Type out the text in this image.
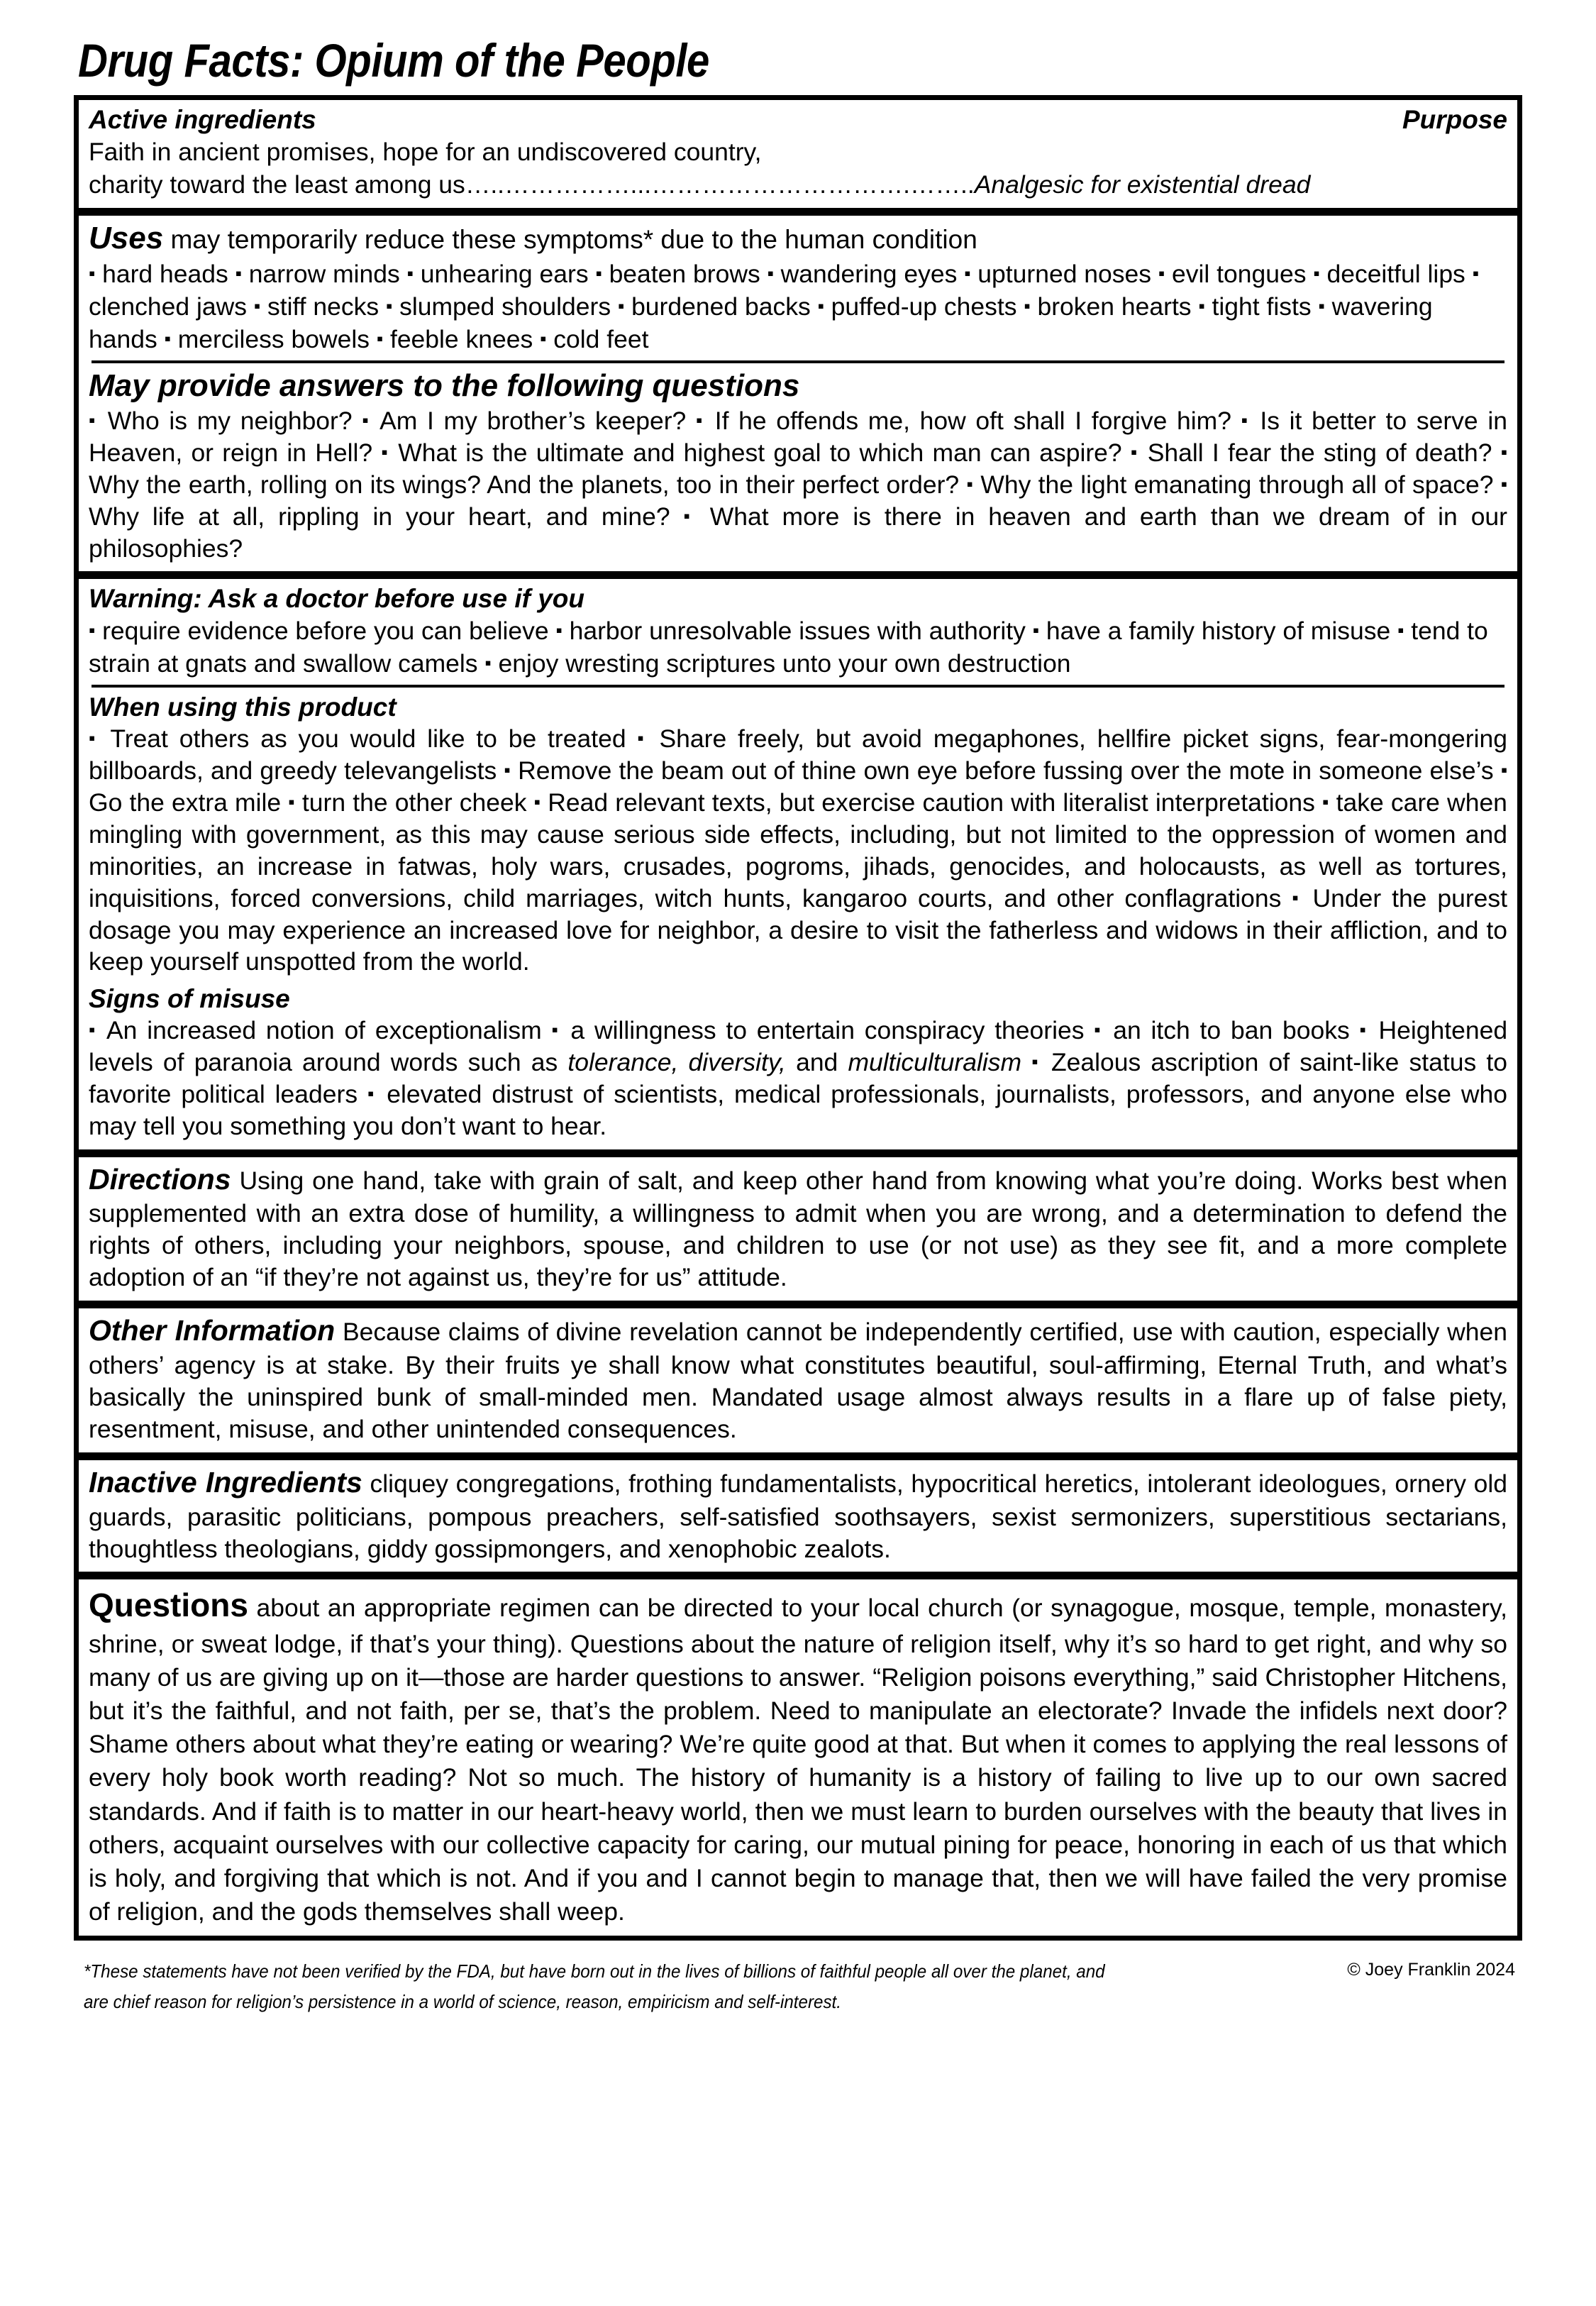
Drug Facts: Opium of the People
Active ingredients	Purpose
Faith in ancient promises, hope for an undiscovered country,
charity toward the least among us…..……………...………………………….……..Analgesic for existential dread
Uses may temporarily reduce these symptoms* due to the human condition
▪ hard heads ▪ narrow minds ▪ unhearing ears ▪ beaten brows ▪ wandering eyes ▪ upturned noses ▪ evil tongues ▪ deceitful lips ▪ clenched jaws ▪ stiff necks ▪ slumped shoulders ▪ burdened backs ▪ puffed-up chests ▪ broken hearts ▪ tight fists ▪ wavering hands ▪ merciless bowels ▪ feeble knees ▪ cold feet
May provide answers to the following questions
▪ Who is my neighbor? ▪ Am I my brother’s keeper? ▪ If he offends me, how oft shall I forgive him? ▪ Is it better to serve in Heaven, or reign in Hell? ▪ What is the ultimate and highest goal to which man can aspire? ▪ Shall I fear the sting of death? ▪ Why the earth, rolling on its wings? And the planets, too in their perfect order? ▪ Why the light emanating through all of space? ▪ Why life at all, rippling in your heart, and mine? ▪ What more is there in heaven and earth than we dream of in our philosophies?
Warning: Ask a doctor before use if you
▪ require evidence before you can believe ▪ harbor unresolvable issues with authority ▪ have a family history of misuse ▪ tend to strain at gnats and swallow camels ▪ enjoy wresting scriptures unto your own destruction
When using this product
▪ Treat others as you would like to be treated ▪ Share freely, but avoid megaphones, hellfire picket signs, fear-mongering billboards, and greedy televangelists ▪ Remove the beam out of thine own eye before fussing over the mote in someone else’s ▪ Go the extra mile ▪ turn the other cheek ▪ Read relevant texts, but exercise caution with literalist interpretations ▪ take care when mingling with government, as this may cause serious side effects, including, but not limited to the oppression of women and minorities, an increase in fatwas, holy wars, crusades, pogroms, jihads, genocides, and holocausts, as well as tortures, inquisitions, forced conversions, child marriages, witch hunts, kangaroo courts, and other conflagrations ▪ Under the purest dosage you may experience an increased love for neighbor, a desire to visit the fatherless and widows in their affliction, and to keep yourself unspotted from the world.
Signs of misuse
▪ An increased notion of exceptionalism ▪ a willingness to entertain conspiracy theories ▪ an itch to ban books ▪ Heightened levels of paranoia around words such as tolerance, diversity, and multiculturalism ▪ Zealous ascription of saint-like status to favorite political leaders ▪ elevated distrust of scientists, medical professionals, journalists, professors, and anyone else who may tell you something you don’t want to hear.
Directions Using one hand, take with grain of salt, and keep other hand from knowing what you’re doing. Works best when supplemented with an extra dose of humility, a willingness to admit when you are wrong, and a determination to defend the rights of others, including your neighbors, spouse, and children to use (or not use) as they see fit, and a more complete adoption of an “if they’re not against us, they’re for us” attitude.
Other Information Because claims of divine revelation cannot be independently certified, use with caution, especially when others’ agency is at stake. By their fruits ye shall know what constitutes beautiful, soul-affirming, Eternal Truth, and what’s basically the uninspired bunk of small-minded men. Mandated usage almost always results in a flare up of false piety, resentment, misuse, and other unintended consequences.
Inactive Ingredients cliquey congregations, frothing fundamentalists, hypocritical heretics, intolerant ideologues, ornery old guards, parasitic politicians, pompous preachers, self-satisfied soothsayers, sexist sermonizers, superstitious sectarians, thoughtless theologians, giddy gossipmongers, and xenophobic zealots.
Questions about an appropriate regimen can be directed to your local church (or synagogue, mosque, temple, monastery, shrine, or sweat lodge, if that’s your thing). Questions about the nature of religion itself, why it’s so hard to get right, and why so many of us are giving up on it—those are harder questions to answer. “Religion poisons everything,” said Christopher Hitchens, but it’s the faithful, and not faith, per se, that’s the problem. Need to manipulate an electorate? Invade the infidels next door? Shame others about what they’re eating or wearing? We’re quite good at that. But when it comes to applying the real lessons of every holy book worth reading? Not so much. The history of humanity is a history of failing to live up to our own sacred standards. And if faith is to matter in our heart-heavy world, then we must learn to burden ourselves with the beauty that lives in others, acquaint ourselves with our collective capacity for caring, our mutual pining for peace, honoring in each of us that which is holy, and forgiving that which is not. And if you and I cannot begin to manage that, then we will have failed the very promise of religion, and the gods themselves shall weep.
*These statements have not been verified by the FDA, but have born out in the lives of billions of faithful people all over the planet, and are chief reason for religion’s persistence in a world of science, reason, empiricism and self-interest.
© Joey Franklin 2024
